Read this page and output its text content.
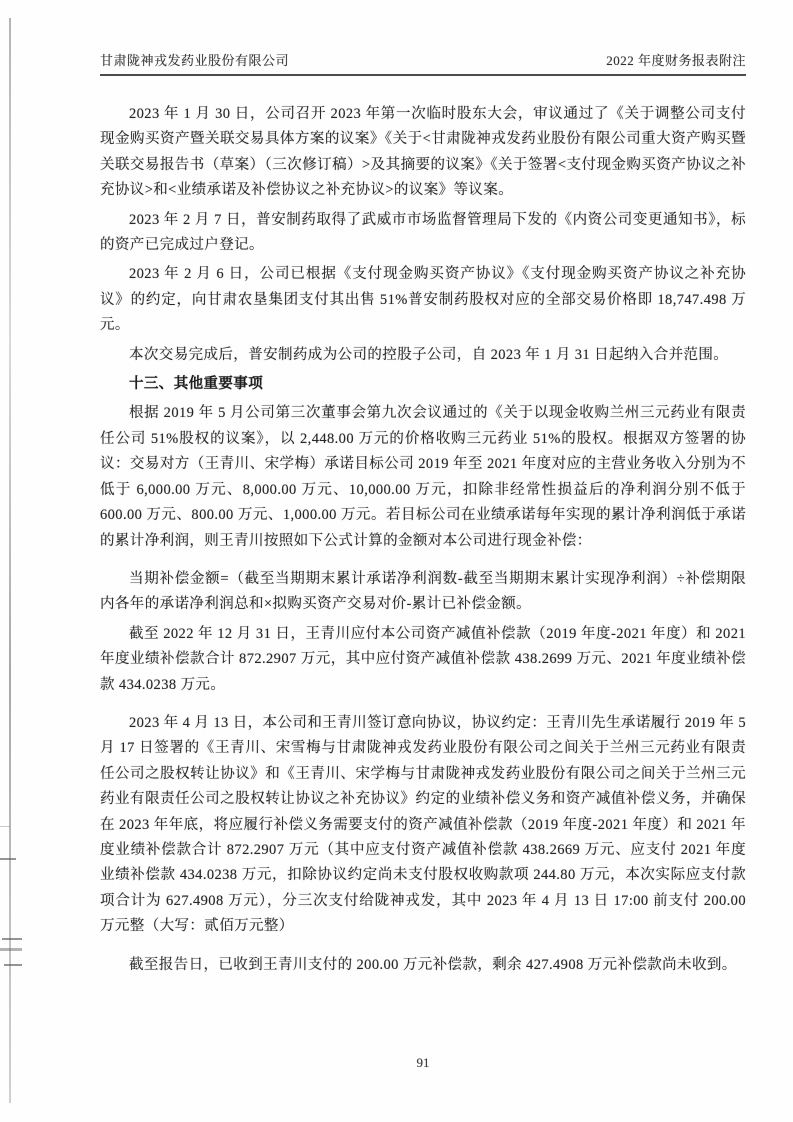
甘肃陇神戎发药业股份有限公司	2022 年度财务报表附注

2023 年 1 月 30 日，公司召开 2023 年第一次临时股东大会，审议通过了《关于调整公司支付现金购买资产暨关联交易具体方案的议案》《关于<甘肃陇神戎发药业股份有限公司重大资产购买暨关联交易报告书（草案）（三次修订稿）>及其摘要的议案》《关于签署<支付现金购买资产协议之补充协议>和<业绩承诺及补偿协议之补充协议>的议案》等议案。

2023 年 2 月 7 日，普安制药取得了武威市市场监督管理局下发的《内资公司变更通知书》，标的资产已完成过户登记。

2023 年 2 月 6 日，公司已根据《支付现金购买资产协议》《支付现金购买资产协议之补充协议》的约定，向甘肃农垦集团支付其出售 51%普安制药股权对应的全部交易价格即 18,747.498 万元。

本次交易完成后，普安制药成为公司的控股子公司，自 2023 年 1 月 31 日起纳入合并范围。

十三、其他重要事项

根据 2019 年 5 月公司第三次董事会第九次会议通过的《关于以现金收购兰州三元药业有限责任公司 51%股权的议案》，以 2,448.00 万元的价格收购三元药业 51%的股权。根据双方签署的协议：交易对方（王青川、宋学梅）承诺目标公司 2019 年至 2021 年度对应的主营业务收入分别为不低于 6,000.00 万元、8,000.00 万元、10,000.00 万元，扣除非经常性损益后的净利润分别不低于 600.00 万元、800.00 万元、1,000.00 万元。若目标公司在业绩承诺每年实现的累计净利润低于承诺的累计净利润，则王青川按照如下公式计算的金额对本公司进行现金补偿：

当期补偿金额=（截至当期期末累计承诺净利润数-截至当期期末累计实现净利润）÷补偿期限内各年的承诺净利润总和×拟购买资产交易对价-累计已补偿金额。

截至 2022 年 12 月 31 日，王青川应付本公司资产减值补偿款（2019 年度-2021 年度）和 2021 年度业绩补偿款合计 872.2907 万元，其中应付资产减值补偿款 438.2699 万元、2021 年度业绩补偿款 434.0238 万元。

2023 年 4 月 13 日，本公司和王青川签订意向协议，协议约定：王青川先生承诺履行 2019 年 5 月 17 日签署的《王青川、宋雪梅与甘肃陇神戎发药业股份有限公司之间关于兰州三元药业有限责任公司之股权转让协议》和《王青川、宋学梅与甘肃陇神戎发药业股份有限公司之间关于兰州三元药业有限责任公司之股权转让协议之补充协议》约定的业绩补偿义务和资产减值补偿义务，并确保在 2023 年年底，将应履行补偿义务需要支付的资产减值补偿款（2019 年度-2021 年度）和 2021 年度业绩补偿款合计 872.2907 万元（其中应支付资产减值补偿款 438.2669 万元、应支付 2021 年度业绩补偿款 434.0238 万元，扣除协议约定尚未支付股权收购款项 244.80 万元，本次实际应支付款项合计为 627.4908 万元），分三次支付给陇神戎发，其中 2023 年 4 月 13 日 17:00 前支付 200.00 万元整（大写：贰佰万元整）

截至报告日，已收到王青川支付的 200.00 万元补偿款，剩余 427.4908 万元补偿款尚未收到。

91
